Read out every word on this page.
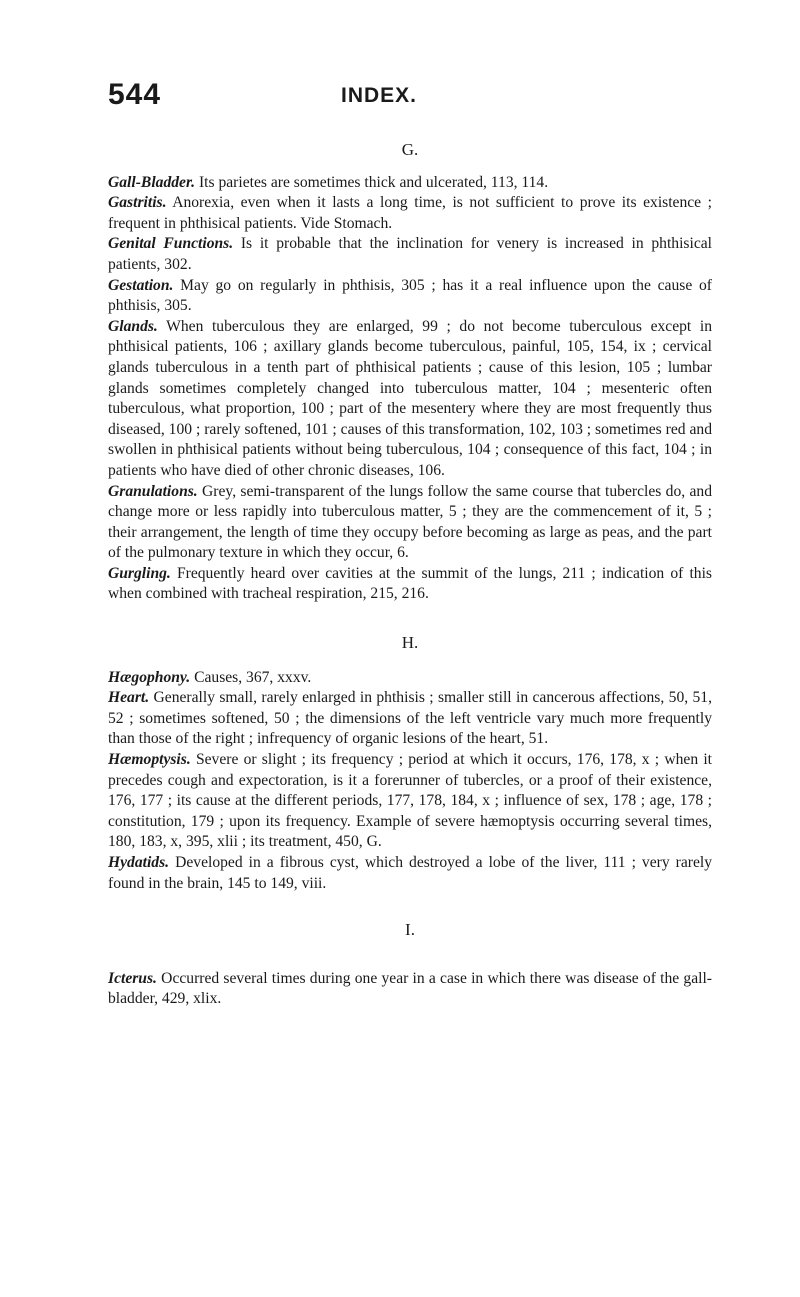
544	INDEX.
G.

Gall-Bladder. Its parietes are sometimes thick and ulcerated, 113, 114.

Gastritis. Anorexia, even when it lasts a long time, is not sufficient to prove its existence ; frequent in phthisical patients. Vide Stomach.

Genital Functions. Is it probable that the inclination for venery is increased in phthisical patients, 302.

Gestation. May go on regularly in phthisis, 305 ; has it a real influence upon the cause of phthisis, 305.

Glands. When tuberculous they are enlarged, 99 ; do not become tuberculous except in phthisical patients, 106 ; axillary glands become tuberculous, painful, 105, 154, ix ; cervical glands tuberculous in a tenth part of phthisical patients ; cause of this lesion, 105 ; lumbar glands sometimes completely changed into tuberculous matter, 104 ; mesenteric often tuberculous, what proportion, 100 ; part of the mesentery where they are most frequently thus diseased, 100 ; rarely softened, 101 ; causes of this transformation, 102, 103 ; sometimes red and swollen in phthisical patients without being tuberculous, 104 ; consequence of this fact, 104 ; in patients who have died of other chronic diseases, 106.

Granulations. Grey, semi-transparent of the lungs follow the same course that tubercles do, and change more or less rapidly into tuberculous matter, 5 ; they are the commencement of it, 5 ; their arrangement, the length of time they occupy before becoming as large as peas, and the part of the pulmonary texture in which they occur, 6.

Gurgling. Frequently heard over cavities at the summit of the lungs, 211 ; indication of this when combined with tracheal respiration, 215, 216.

H.

Hægophony. Causes, 367, xxxv.

Heart. Generally small, rarely enlarged in phthisis ; smaller still in cancerous affections, 50, 51, 52 ; sometimes softened, 50 ; the dimensions of the left ventricle vary much more frequently than those of the right ; infrequency of organic lesions of the heart, 51.

Hæmoptysis. Severe or slight ; its frequency ; period at which it occurs, 176, 178, x ; when it precedes cough and expectoration, is it a forerunner of tubercles, or a proof of their existence, 176, 177 ; its cause at the different periods, 177, 178, 184, x ; influence of sex, 178 ; age, 178 ; constitution, 179 ; upon its frequency. Example of severe hæmoptysis occurring several times, 180, 183, x, 395, xlii ; its treatment, 450, G.

Hydatids. Developed in a fibrous cyst, which destroyed a lobe of the liver, 111 ; very rarely found in the brain, 145 to 149, viii.

I.

Icterus. Occurred several times during one year in a case in which there was disease of the gall-bladder, 429, xlix.
